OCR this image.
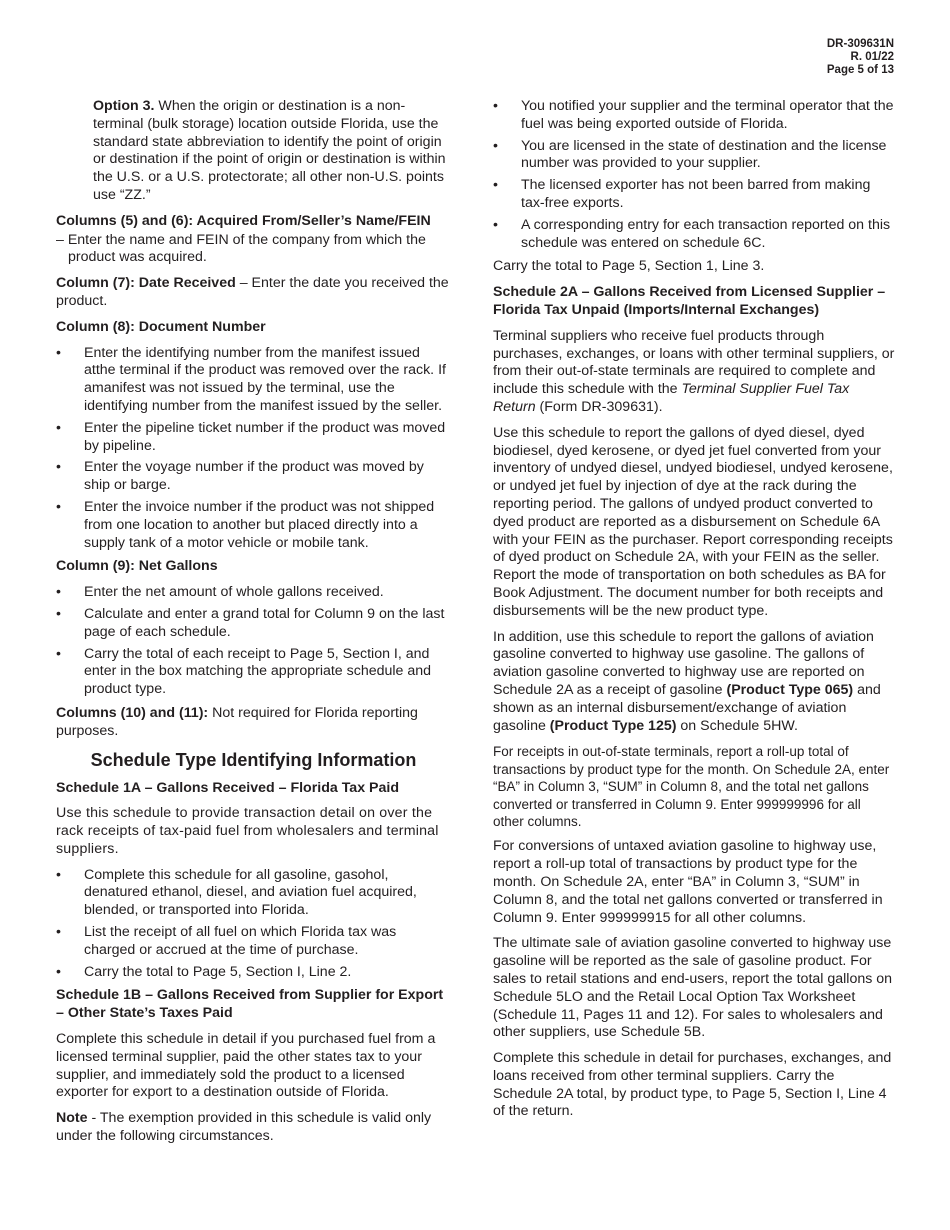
DR-309631N
R. 01/22
Page 5 of 13

Option 3. When the origin or destination is a non-terminal (bulk storage) location outside Florida, use the standard state abbreviation to identify the point of origin or destination if the point of origin or destination is within the U.S. or a U.S. protectorate; all other non-U.S. points use “ZZ.”

Columns (5) and (6): Acquired From/Seller’s Name/FEIN

– Enter the name and FEIN of the company from which the product was acquired.

Column (7): Date Received – Enter the date you received the product.

Column (8): Document Number

• Enter the identifying number from the manifest issued atthe terminal if the product was removed over the rack. If amanifest was not issued by the terminal, use the identifying number from the manifest issued by the seller.
• Enter the pipeline ticket number if the product was moved by pipeline.
• Enter the voyage number if the product was moved by ship or barge.
• Enter the invoice number if the product was not shipped from one location to another but placed directly into a supply tank of a motor vehicle or mobile tank.

Column (9): Net Gallons

• Enter the net amount of whole gallons received.
• Calculate and enter a grand total for Column 9 on the last page of each schedule.
• Carry the total of each receipt to Page 5, Section I, and enter in the box matching the appropriate schedule and product type.

Columns (10) and (11): Not required for Florida reporting purposes.

Schedule Type Identifying Information

Schedule 1A – Gallons Received – Florida Tax Paid

Use this schedule to provide transaction detail on over the rack receipts of tax-paid fuel from wholesalers and terminal suppliers.

• Complete this schedule for all gasoline, gasohol, denatured ethanol, diesel, and aviation fuel acquired, blended, or transported into Florida.
• List the receipt of all fuel on which Florida tax was charged or accrued at the time of purchase.
• Carry the total to Page 5, Section I, Line 2.

Schedule 1B – Gallons Received from Supplier for Export – Other State’s Taxes Paid

Complete this schedule in detail if you purchased fuel from a licensed terminal supplier, paid the other states tax to your supplier, and immediately sold the product to a licensed exporter for export to a destination outside of Florida.

Note - The exemption provided in this schedule is valid only under the following circumstances.

• You notified your supplier and the terminal operator that the fuel was being exported outside of Florida.
• You are licensed in the state of destination and the license number was provided to your supplier.
• The licensed exporter has not been barred from making tax-free exports.
• A corresponding entry for each transaction reported on this schedule was entered on schedule 6C.

Carry the total to Page 5, Section 1, Line 3.

Schedule 2A – Gallons Received from Licensed Supplier – Florida Tax Unpaid (Imports/Internal Exchanges)

Terminal suppliers who receive fuel products through purchases, exchanges, or loans with other terminal suppliers, or from their out-of-state terminals are required to complete and include this schedule with the Terminal Supplier Fuel Tax Return (Form DR-309631).

Use this schedule to report the gallons of dyed diesel, dyed biodiesel, dyed kerosene, or dyed jet fuel converted from your inventory of undyed diesel, undyed biodiesel, undyed kerosene, or undyed jet fuel by injection of dye at the rack during the reporting period. The gallons of undyed product converted to dyed product are reported as a disbursement on Schedule 6A with your FEIN as the purchaser. Report corresponding receipts of dyed product on Schedule 2A, with your FEIN as the seller. Report the mode of transportation on both schedules as BA for Book Adjustment. The document number for both receipts and disbursements will be the new product type.

In addition, use this schedule to report the gallons of aviation gasoline converted to highway use gasoline. The gallons of aviation gasoline converted to highway use are reported on Schedule 2A as a receipt of gasoline (Product Type 065) and shown as an internal disbursement/exchange of aviation gasoline (Product Type 125) on Schedule 5HW.

For receipts in out-of-state terminals, report a roll-up total of transactions by product type for the month. On Schedule 2A, enter “BA” in Column 3, “SUM” in Column 8, and the total net gallons converted or transferred in Column 9. Enter 999999996 for all other columns.

For conversions of untaxed aviation gasoline to highway use, report a roll-up total of transactions by product type for the month. On Schedule 2A, enter “BA” in Column 3, “SUM” in Column 8, and the total net gallons converted or transferred in Column 9. Enter 999999915 for all other columns.

The ultimate sale of aviation gasoline converted to highway use gasoline will be reported as the sale of gasoline product. For sales to retail stations and end-users, report the total gallons on Schedule 5LO and the Retail Local Option Tax Worksheet (Schedule 11, Pages 11 and 12). For sales to wholesalers and other suppliers, use Schedule 5B.

Complete this schedule in detail for purchases, exchanges, and loans received from other terminal suppliers. Carry the Schedule 2A total, by product type, to Page 5, Section I, Line 4 of the return.
